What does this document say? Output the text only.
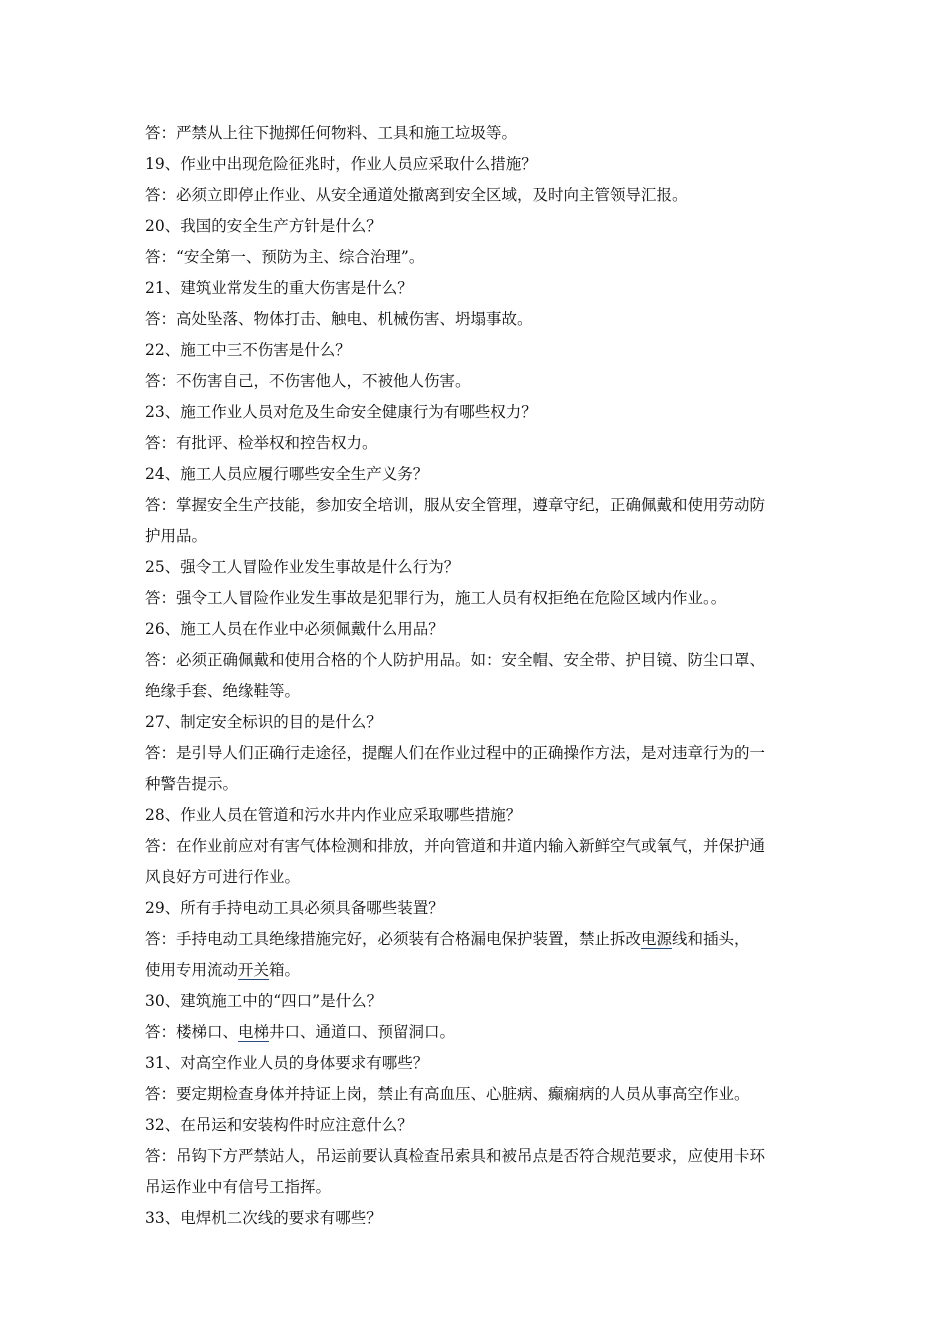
答：严禁从上往下抛掷任何物料、工具和施工垃圾等。
19、作业中出现危险征兆时，作业人员应采取什么措施？
答：必须立即停止作业、从安全通道处撤离到安全区域，及时向主管领导汇报。
20、我国的安全生产方针是什么？
答：“安全第一、预防为主、综合治理”。
21、建筑业常发生的重大伤害是什么？
答：高处坠落、物体打击、触电、机械伤害、坍塌事故。
22、施工中三不伤害是什么？
答：不伤害自己，不伤害他人，不被他人伤害。
23、施工作业人员对危及生命安全健康行为有哪些权力？
答：有批评、检举权和控告权力。
24、施工人员应履行哪些安全生产义务？
答：掌握安全生产技能，参加安全培训，服从安全管理，遵章守纪，正确佩戴和使用劳动防
护用品。
25、强令工人冒险作业发生事故是什么行为？
答：强令工人冒险作业发生事故是犯罪行为，施工人员有权拒绝在危险区域内作业。。
26、施工人员在作业中必须佩戴什么用品？
答：必须正确佩戴和使用合格的个人防护用品。如：安全帽、安全带、护目镜、防尘口罩、
绝缘手套、绝缘鞋等。
27、制定安全标识的目的是什么？
答：是引导人们正确行走途径，提醒人们在作业过程中的正确操作方法，是对违章行为的一
种警告提示。
28、作业人员在管道和污水井内作业应采取哪些措施？
答：在作业前应对有害气体检测和排放，并向管道和井道内输入新鲜空气或氧气，并保护通
风良好方可进行作业。
29、所有手持电动工具必须具备哪些装置？
答：手持电动工具绝缘措施完好，必须装有合格漏电保护装置，禁止拆改电源线和插头，
使用专用流动开关箱。
30、建筑施工中的“四口”是什么？
答：楼梯口、电梯井口、通道口、预留洞口。
31、对高空作业人员的身体要求有哪些？
答：要定期检查身体并持证上岗，禁止有高血压、心脏病、癫痫病的人员从事高空作业。
32、在吊运和安装构件时应注意什么？
答：吊钩下方严禁站人，吊运前要认真检查吊索具和被吊点是否符合规范要求，应使用卡环
吊运作业中有信号工指挥。
33、电焊机二次线的要求有哪些？
